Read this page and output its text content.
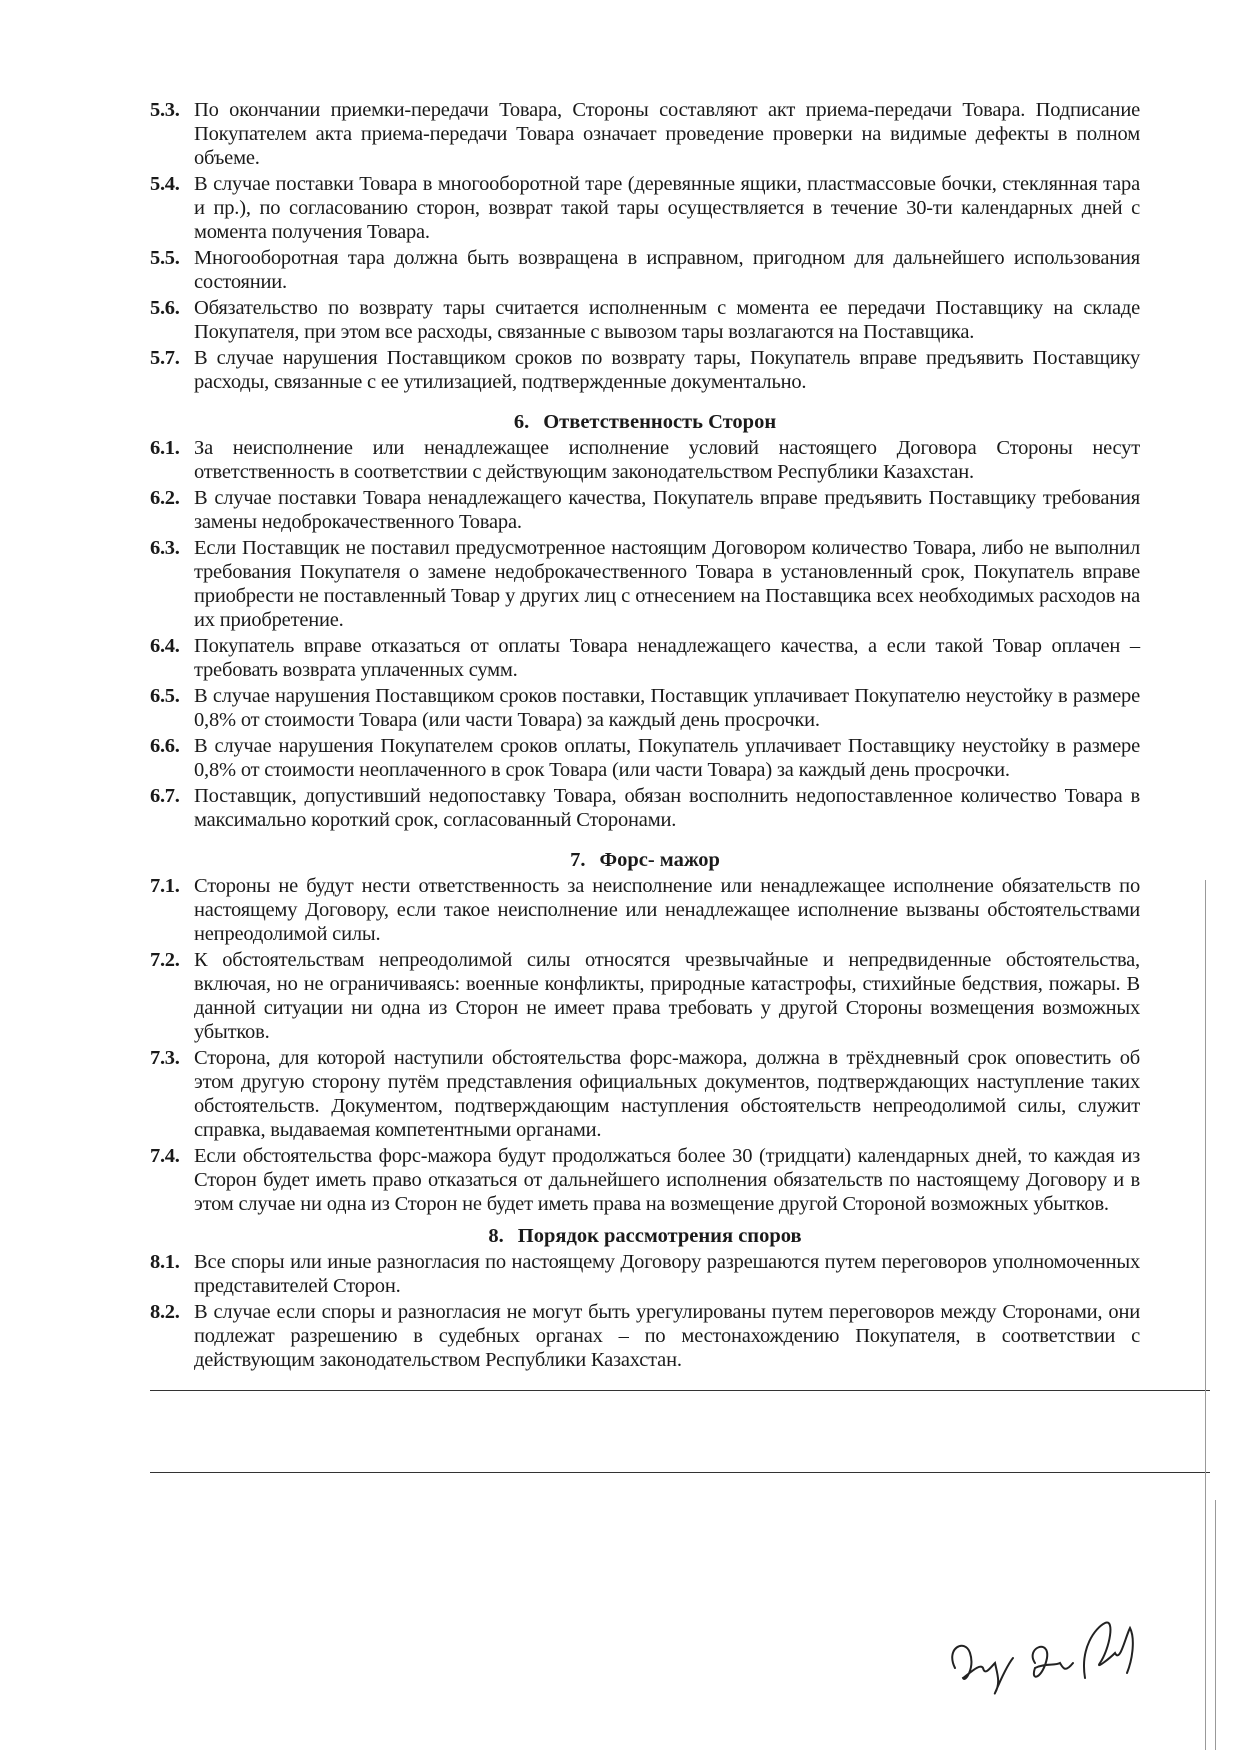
5.3. По окончании приемки-передачи Товара, Стороны составляют акт приема-передачи Товара. Подписание Покупателем акта приема-передачи Товара означает проведение проверки на видимые дефекты в полном объеме.
5.4. В случае поставки Товара в многооборотной таре (деревянные ящики, пластмассовые бочки, стеклянная тара и пр.), по согласованию сторон, возврат такой тары осуществляется в течение 30-ти календарных дней с момента получения Товара.
5.5. Многооборотная тара должна быть возвращена в исправном, пригодном для дальнейшего использования состоянии.
5.6. Обязательство по возврату тары считается исполненным с момента ее передачи Поставщику на складе Покупателя, при этом все расходы, связанные с вывозом тары возлагаются на Поставщика.
5.7. В случае нарушения Поставщиком сроков по возврату тары, Покупатель вправе предъявить Поставщику расходы, связанные с ее утилизацией, подтвержденные документально.
6. Ответственность Сторон
6.1. За неисполнение или ненадлежащее исполнение условий настоящего Договора Стороны несут ответственность в соответствии с действующим законодательством Республики Казахстан.
6.2. В случае поставки Товара ненадлежащего качества, Покупатель вправе предъявить Поставщику требования замены недоброкачественного Товара.
6.3. Если Поставщик не поставил предусмотренное настоящим Договором количество Товара, либо не выполнил требования Покупателя о замене недоброкачественного Товара в установленный срок, Покупатель вправе приобрести не поставленный Товар у других лиц с отнесением на Поставщика всех необходимых расходов на их приобретение.
6.4. Покупатель вправе отказаться от оплаты Товара ненадлежащего качества, а если такой Товар оплачен – требовать возврата уплаченных сумм.
6.5. В случае нарушения Поставщиком сроков поставки, Поставщик уплачивает Покупателю неустойку в размере 0,8% от стоимости Товара (или части Товара) за каждый день просрочки.
6.6. В случае нарушения Покупателем сроков оплаты, Покупатель уплачивает Поставщику неустойку в размере 0,8% от стоимости неоплаченного в срок Товара (или части Товара) за каждый день просрочки.
6.7. Поставщик, допустивший недопоставку Товара, обязан восполнить недопоставленное количество Товара в максимально короткий срок, согласованный Сторонами.
7. Форс- мажор
7.1. Стороны не будут нести ответственность за неисполнение или ненадлежащее исполнение обязательств по настоящему Договору, если такое неисполнение или ненадлежащее исполнение вызваны обстоятельствами непреодолимой силы.
7.2. К обстоятельствам непреодолимой силы относятся чрезвычайные и непредвиденные обстоятельства, включая, но не ограничиваясь: военные конфликты, природные катастрофы, стихийные бедствия, пожары. В данной ситуации ни одна из Сторон не имеет права требовать у другой Стороны возмещения возможных убытков.
7.3. Сторона, для которой наступили обстоятельства форс-мажора, должна в трёхдневный срок оповестить об этом другую сторону путём представления официальных документов, подтверждающих наступление таких обстоятельств. Документом, подтверждающим наступления обстоятельств непреодолимой силы, служит справка, выдаваемая компетентными органами.
7.4. Если обстоятельства форс-мажора будут продолжаться более 30 (тридцати) календарных дней, то каждая из Сторон будет иметь право отказаться от дальнейшего исполнения обязательств по настоящему Договору и в этом случае ни одна из Сторон не будет иметь права на возмещение другой Стороной возможных убытков.
8. Порядок рассмотрения споров
8.1. Все споры или иные разногласия по настоящему Договору разрешаются путем переговоров уполномоченных представителей Сторон.
8.2. В случае если споры и разногласия не могут быть урегулированы путем переговоров между Сторонами, они подлежат разрешению в судебных органах – по местонахождению Покупателя, в соответствии с действующим законодательством Республики Казахстан.
